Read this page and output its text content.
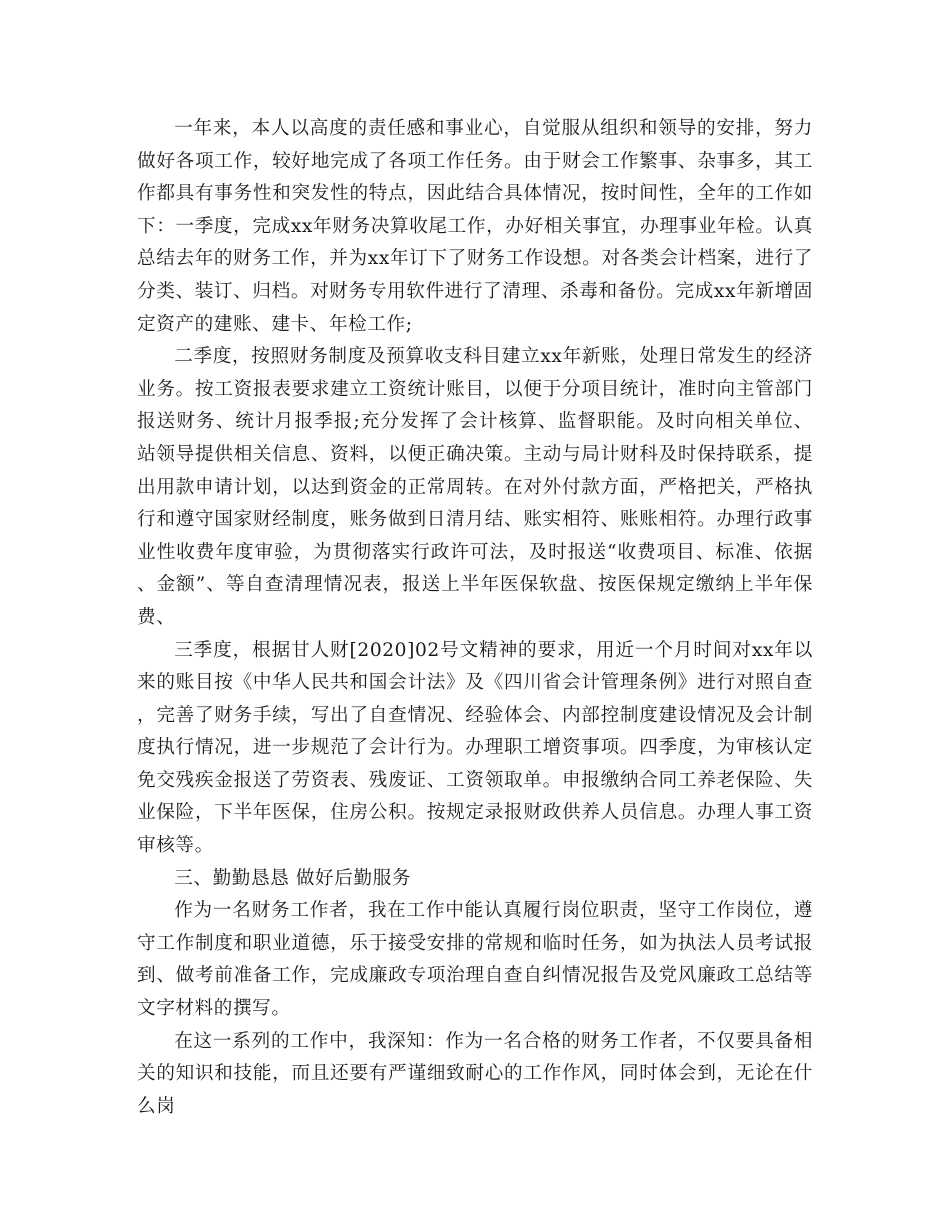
一年来，本人以高度的责任感和事业心，自觉服从组织和领导的安排，努力做好各项工作，较好地完成了各项工作任务。由于财会工作繁事、杂事多，其工作都具有事务性和突发性的特点，因此结合具体情况，按时间性，全年的工作如下：一季度，完成xx年财务决算收尾工作，办好相关事宜，办理事业年检。认真总结去年的财务工作，并为xx年订下了财务工作设想。对各类会计档案，进行了分类、装订、归档。对财务专用软件进行了清理、杀毒和备份。完成xx年新增固定资产的建账、建卡、年检工作;

二季度，按照财务制度及预算收支科目建立xx年新账，处理日常发生的经济业务。按工资报表要求建立工资统计账目，以便于分项目统计，准时向主管部门报送财务、统计月报季报;充分发挥了会计核算、监督职能。及时向相关单位、站领导提供相关信息、资料，以便正确决策。主动与局计财科及时保持联系，提出用款申请计划，以达到资金的正常周转。在对外付款方面，严格把关，严格执行和遵守国家财经制度，账务做到日清月结、账实相符、账账相符。办理行政事业性收费年度审验，为贯彻落实行政许可法，及时报送“收费项目、标准、依据、金额”、等自查清理情况表，报送上半年医保软盘、按医保规定缴纳上半年保费、

三季度，根据甘人财[2020]02号文精神的要求，用近一个月时间对xx年以来的账目按《中华人民共和国会计法》及《四川省会计管理条例》进行对照自查，完善了财务手续，写出了自查情况、经验体会、内部控制度建设情况及会计制度执行情况，进一步规范了会计行为。办理职工增资事项。四季度，为审核认定免交残疾金报送了劳资表、残废证、工资领取单。申报缴纳合同工养老保险、失业保险，下半年医保，住房公积。按规定录报财政供养人员信息。办理人事工资审核等。

三、勤勤恳恳 做好后勤服务

作为一名财务工作者，我在工作中能认真履行岗位职责，坚守工作岗位，遵守工作制度和职业道德，乐于接受安排的常规和临时任务，如为执法人员考试报到、做考前准备工作，完成廉政专项治理自查自纠情况报告及党风廉政工总结等文字材料的撰写。

在这一系列的工作中，我深知：作为一名合格的财务工作者，不仅要具备相关的知识和技能，而且还要有严谨细致耐心的工作作风，同时体会到，无论在什么岗
